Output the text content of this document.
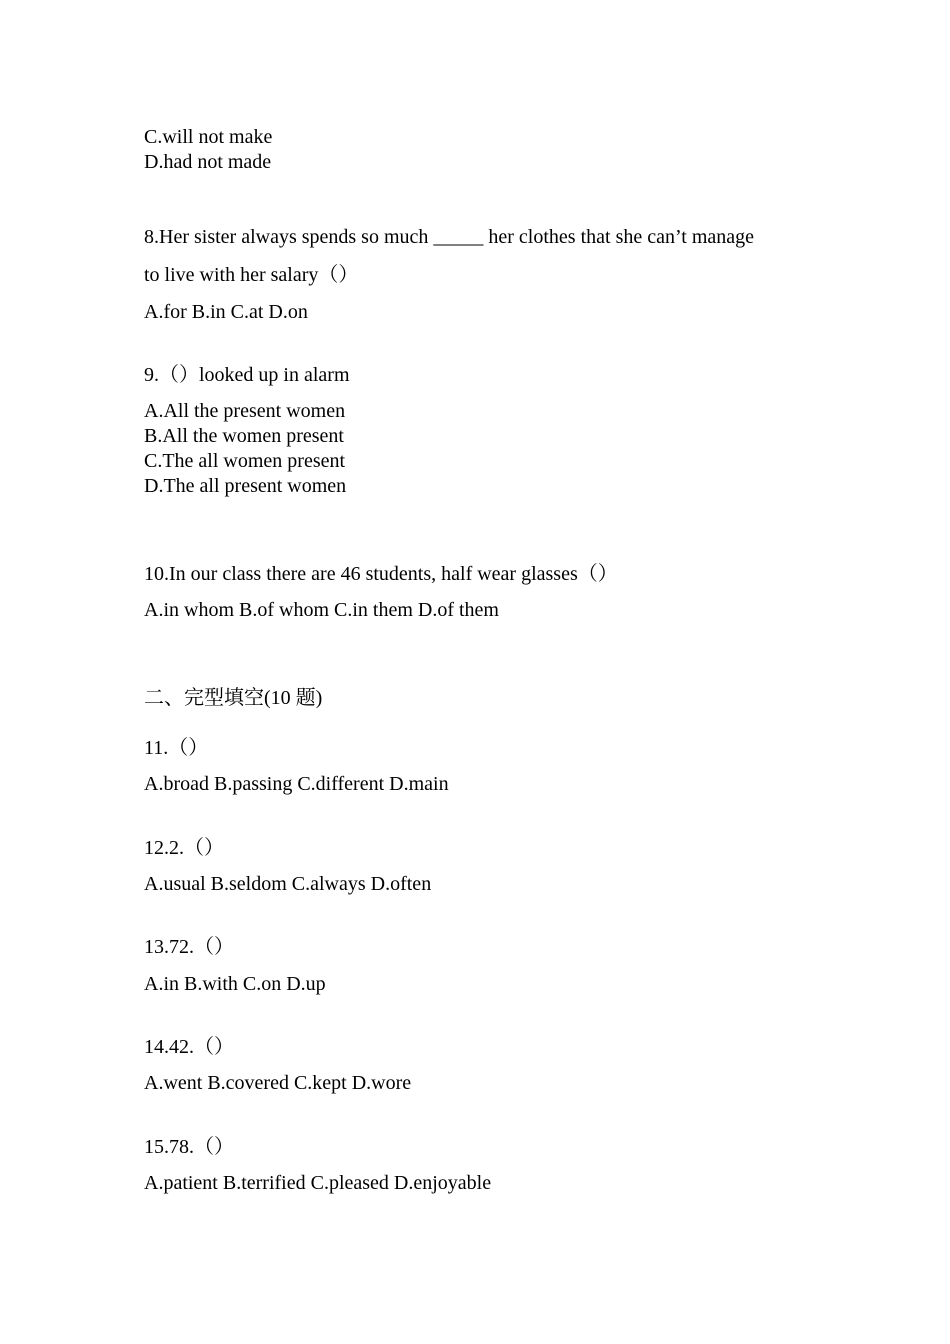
C.will not make
D.had not made
8.Her sister always spends so much _____ her clothes that she can’t manage
to live with her salary（）
A.for B.in C.at D.on
9.（）looked up in alarm
A.All the present women
B.All the women present
C.The all women present
D.The all present women
10.In our class there are 46 students, half wear glasses（）
A.in whom B.of whom C.in them D.of them
二、完型填空(10 题)
11.（）
A.broad B.passing C.different D.main
12.2.（）
A.usual B.seldom C.always D.often
13.72.（）
A.in B.with C.on D.up
14.42.（）
A.went B.covered C.kept D.wore
15.78.（）
A.patient B.terrified C.pleased D.enjoyable
